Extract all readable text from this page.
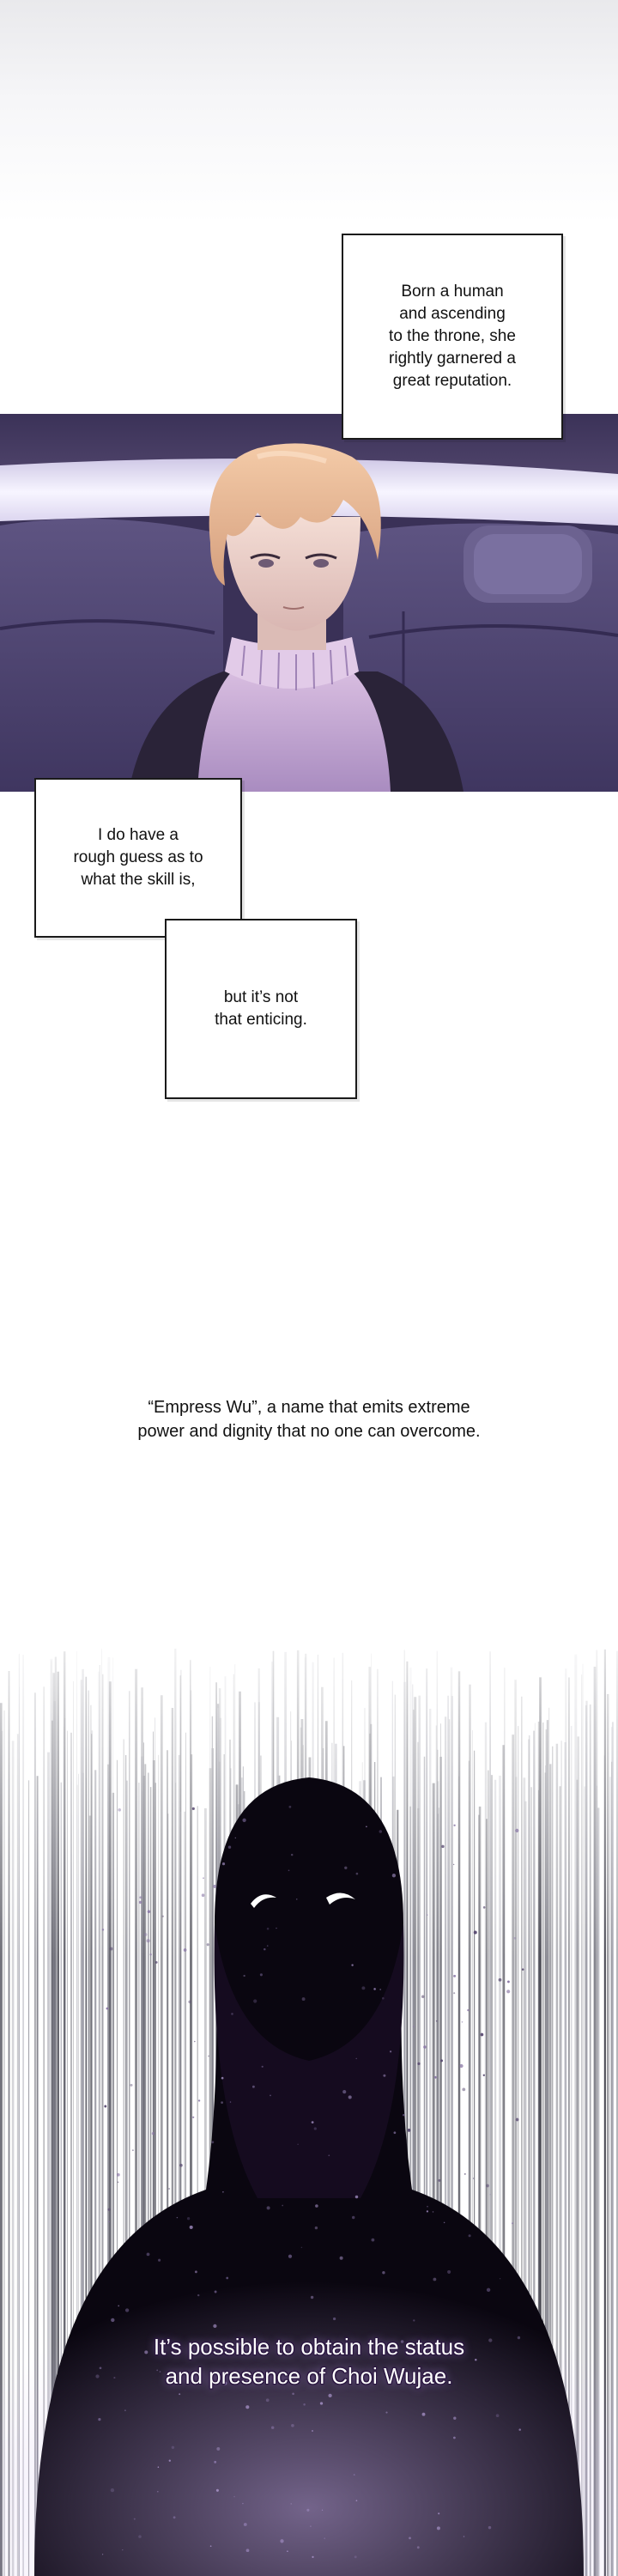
Born a human
and ascending
to the throne, she
rightly garnered a
great reputation.
I do have a
rough guess as to
what the skill is,
but it’s not
that enticing.
“Empress Wu”, a name that emits extreme
power and dignity that no one can overcome.
It’s possible to obtain the status
and presence of Choi Wujae.
